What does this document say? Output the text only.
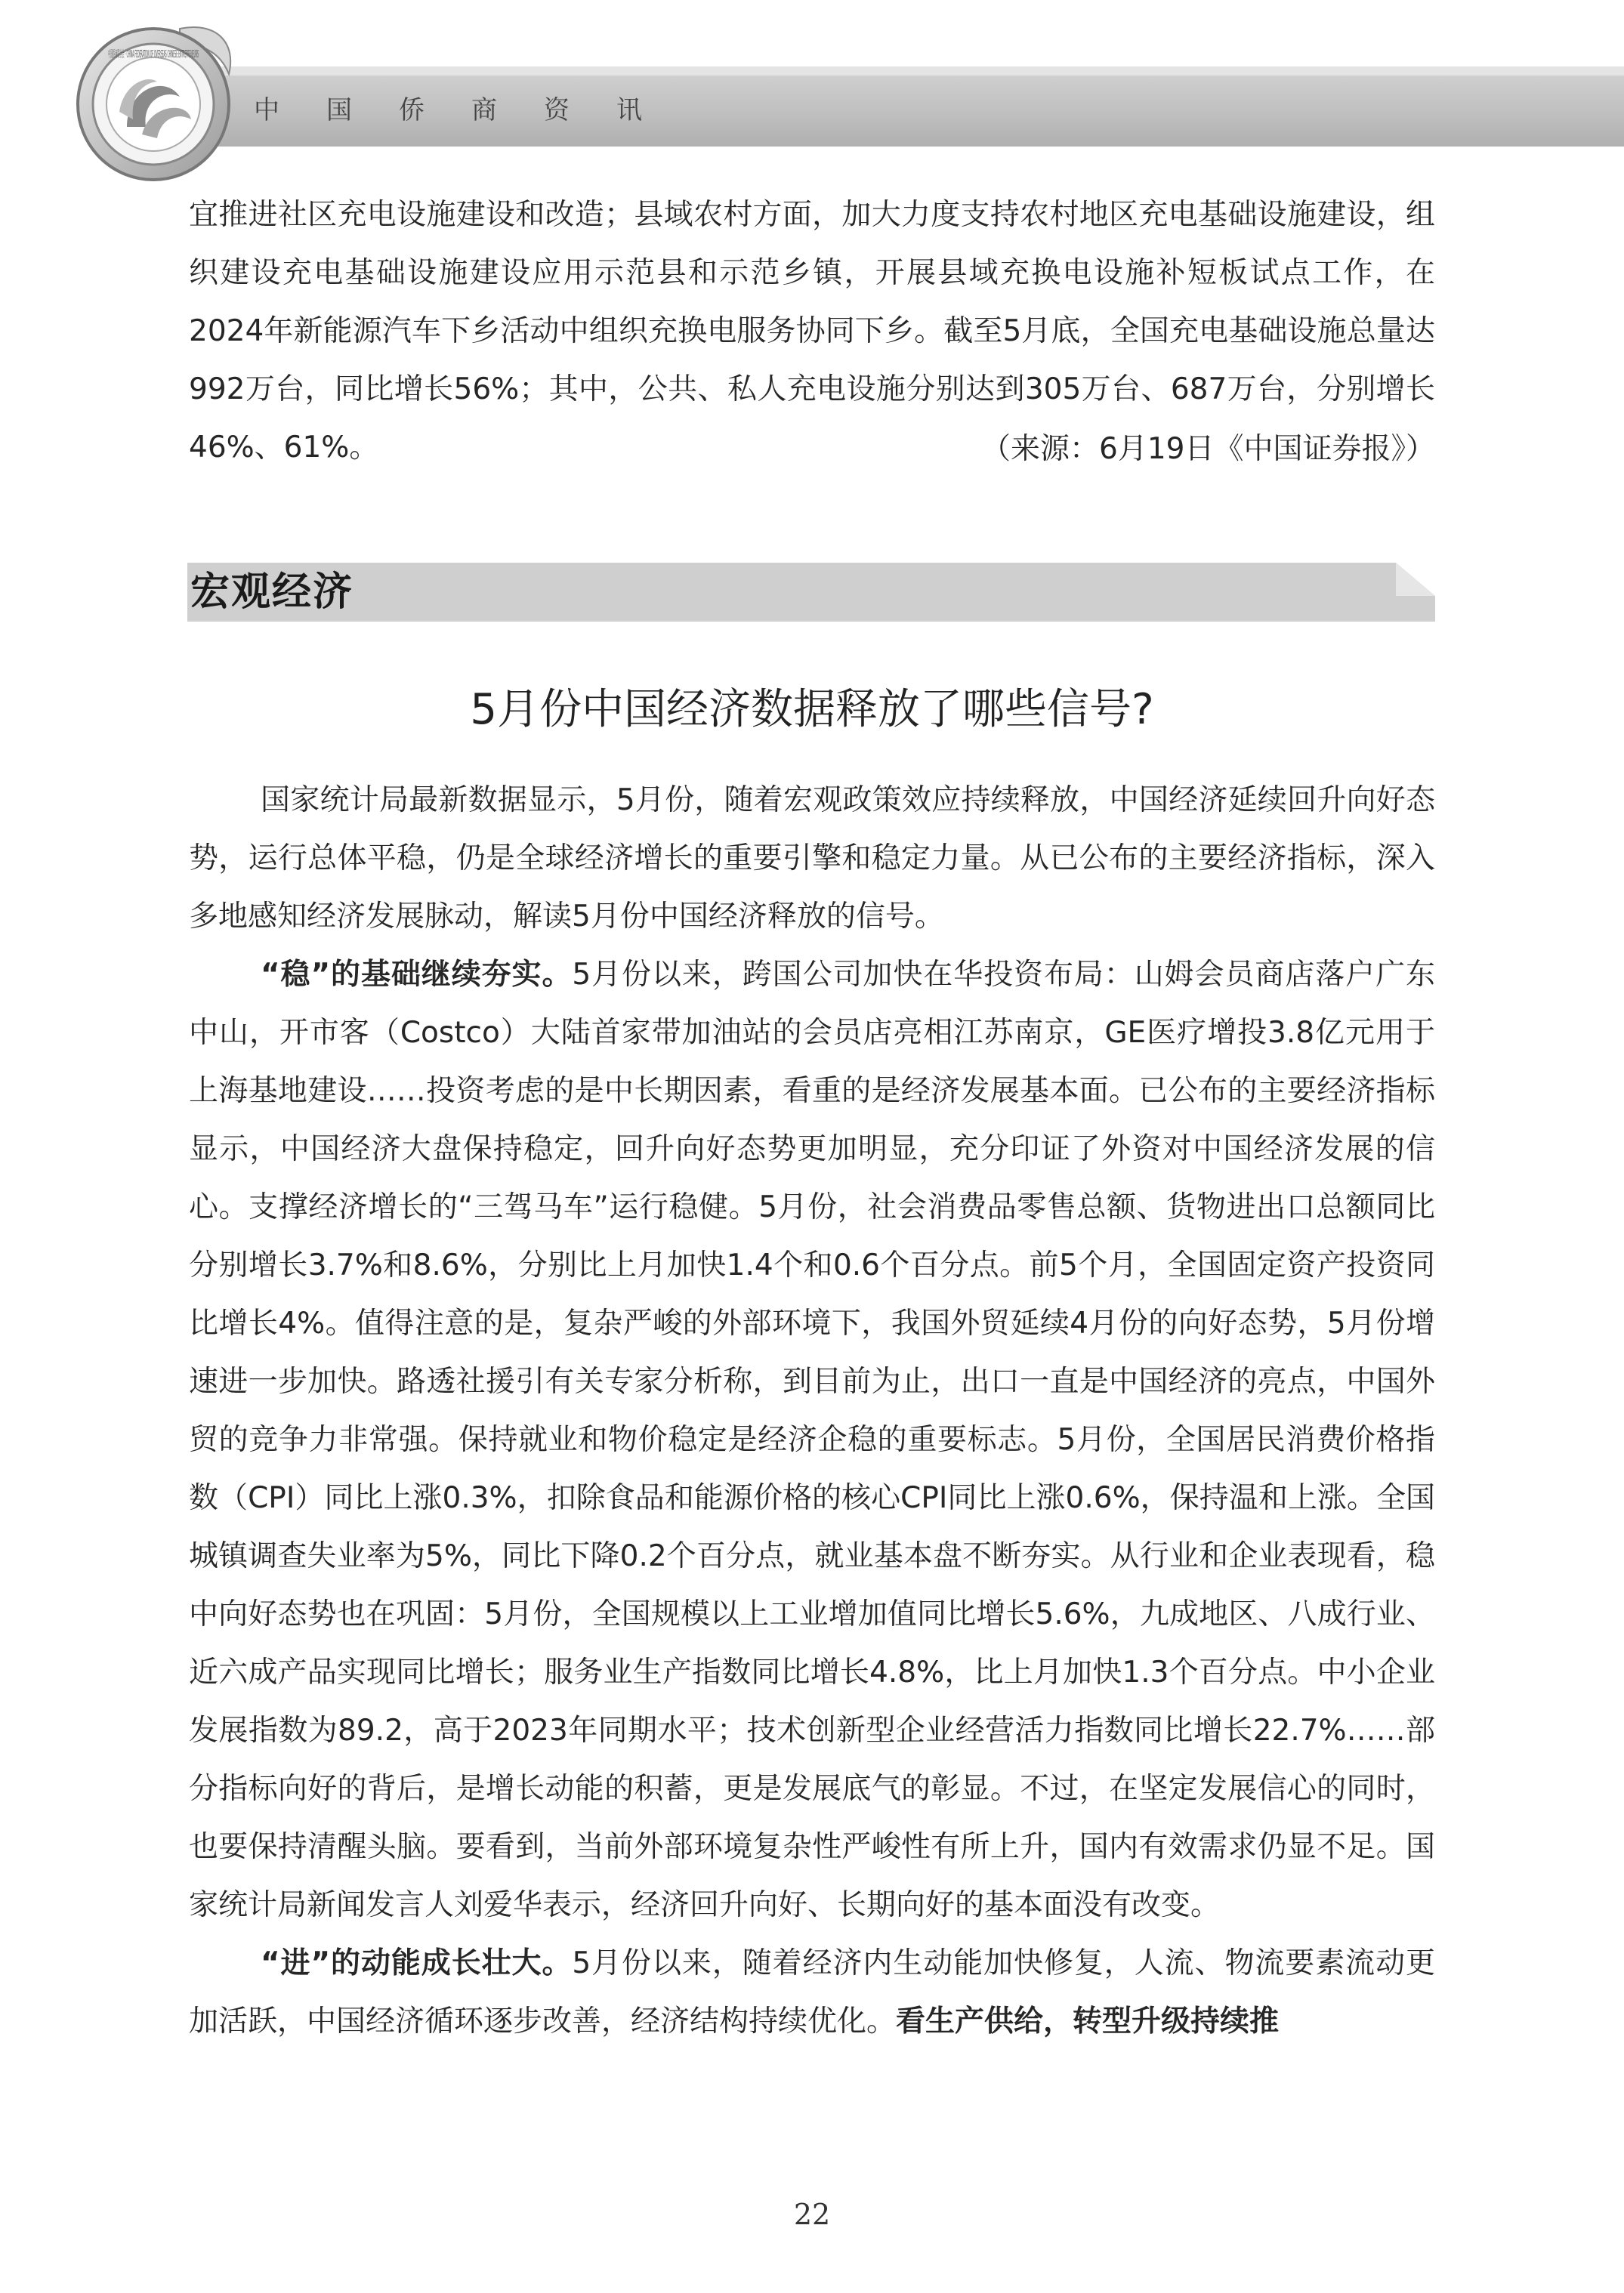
中国侨商资讯
中国侨商联合会 · CHINA FEDERATION OF OVERSEAS CHINESE ENTREPRENEURS
宜推进社区充电设施建设和改造；县域农村方面，加大力度支持农村地区充电基础设施建设，组织建设充电基础设施建设应用示范县和示范乡镇，开展县域充换电设施补短板试点工作，在2024年新能源汽车下乡活动中组织充换电服务协同下乡。截至5月底，全国充电基础设施总量达992万台，同比增长56%；其中，公共、私人充电设施分别达到305万台、687万台，分别增长46%、61%。	（来源：6月19日《中国证券报》）
宏观经济
5月份中国经济数据释放了哪些信号?
国家统计局最新数据显示，5月份，随着宏观政策效应持续释放，中国经济延续回升向好态势，运行总体平稳，仍是全球经济增长的重要引擎和稳定力量。从已公布的主要经济指标，深入多地感知经济发展脉动，解读5月份中国经济释放的信号。
“稳”的基础继续夯实。5月份以来，跨国公司加快在华投资布局：山姆会员商店落户广东中山，开市客（Costco）大陆首家带加油站的会员店亮相江苏南京，GE医疗增投3.8亿元用于上海基地建设……投资考虑的是中长期因素，看重的是经济发展基本面。已公布的主要经济指标显示，中国经济大盘保持稳定，回升向好态势更加明显，充分印证了外资对中国经济发展的信心。支撑经济增长的“三驾马车”运行稳健。5月份，社会消费品零售总额、货物进出口总额同比分别增长3.7%和8.6%，分别比上月加快1.4个和0.6个百分点。前5个月，全国固定资产投资同比增长4%。值得注意的是，复杂严峻的外部环境下，我国外贸延续4月份的向好态势，5月份增速进一步加快。路透社援引有关专家分析称，到目前为止，出口一直是中国经济的亮点，中国外贸的竞争力非常强。保持就业和物价稳定是经济企稳的重要标志。5月份，全国居民消费价格指数（CPI）同比上涨0.3%，扣除食品和能源价格的核心CPI同比上涨0.6%，保持温和上涨。全国城镇调查失业率为5%，同比下降0.2个百分点，就业基本盘不断夯实。从行业和企业表现看，稳中向好态势也在巩固：5月份，全国规模以上工业增加值同比增长5.6%，九成地区、八成行业、近六成产品实现同比增长；服务业生产指数同比增长4.8%，比上月加快1.3个百分点。中小企业发展指数为89.2，高于2023年同期水平；技术创新型企业经营活力指数同比增长22.7%……部分指标向好的背后，是增长动能的积蓄，更是发展底气的彰显。不过，在坚定发展信心的同时，也要保持清醒头脑。要看到，当前外部环境复杂性严峻性有所上升，国内有效需求仍显不足。国家统计局新闻发言人刘爱华表示，经济回升向好、长期向好的基本面没有改变。
“进”的动能成长壮大。5月份以来，随着经济内生动能加快修复，人流、物流要素流动更加活跃，中国经济循环逐步改善，经济结构持续优化。看生产供给，转型升级持续推
22
